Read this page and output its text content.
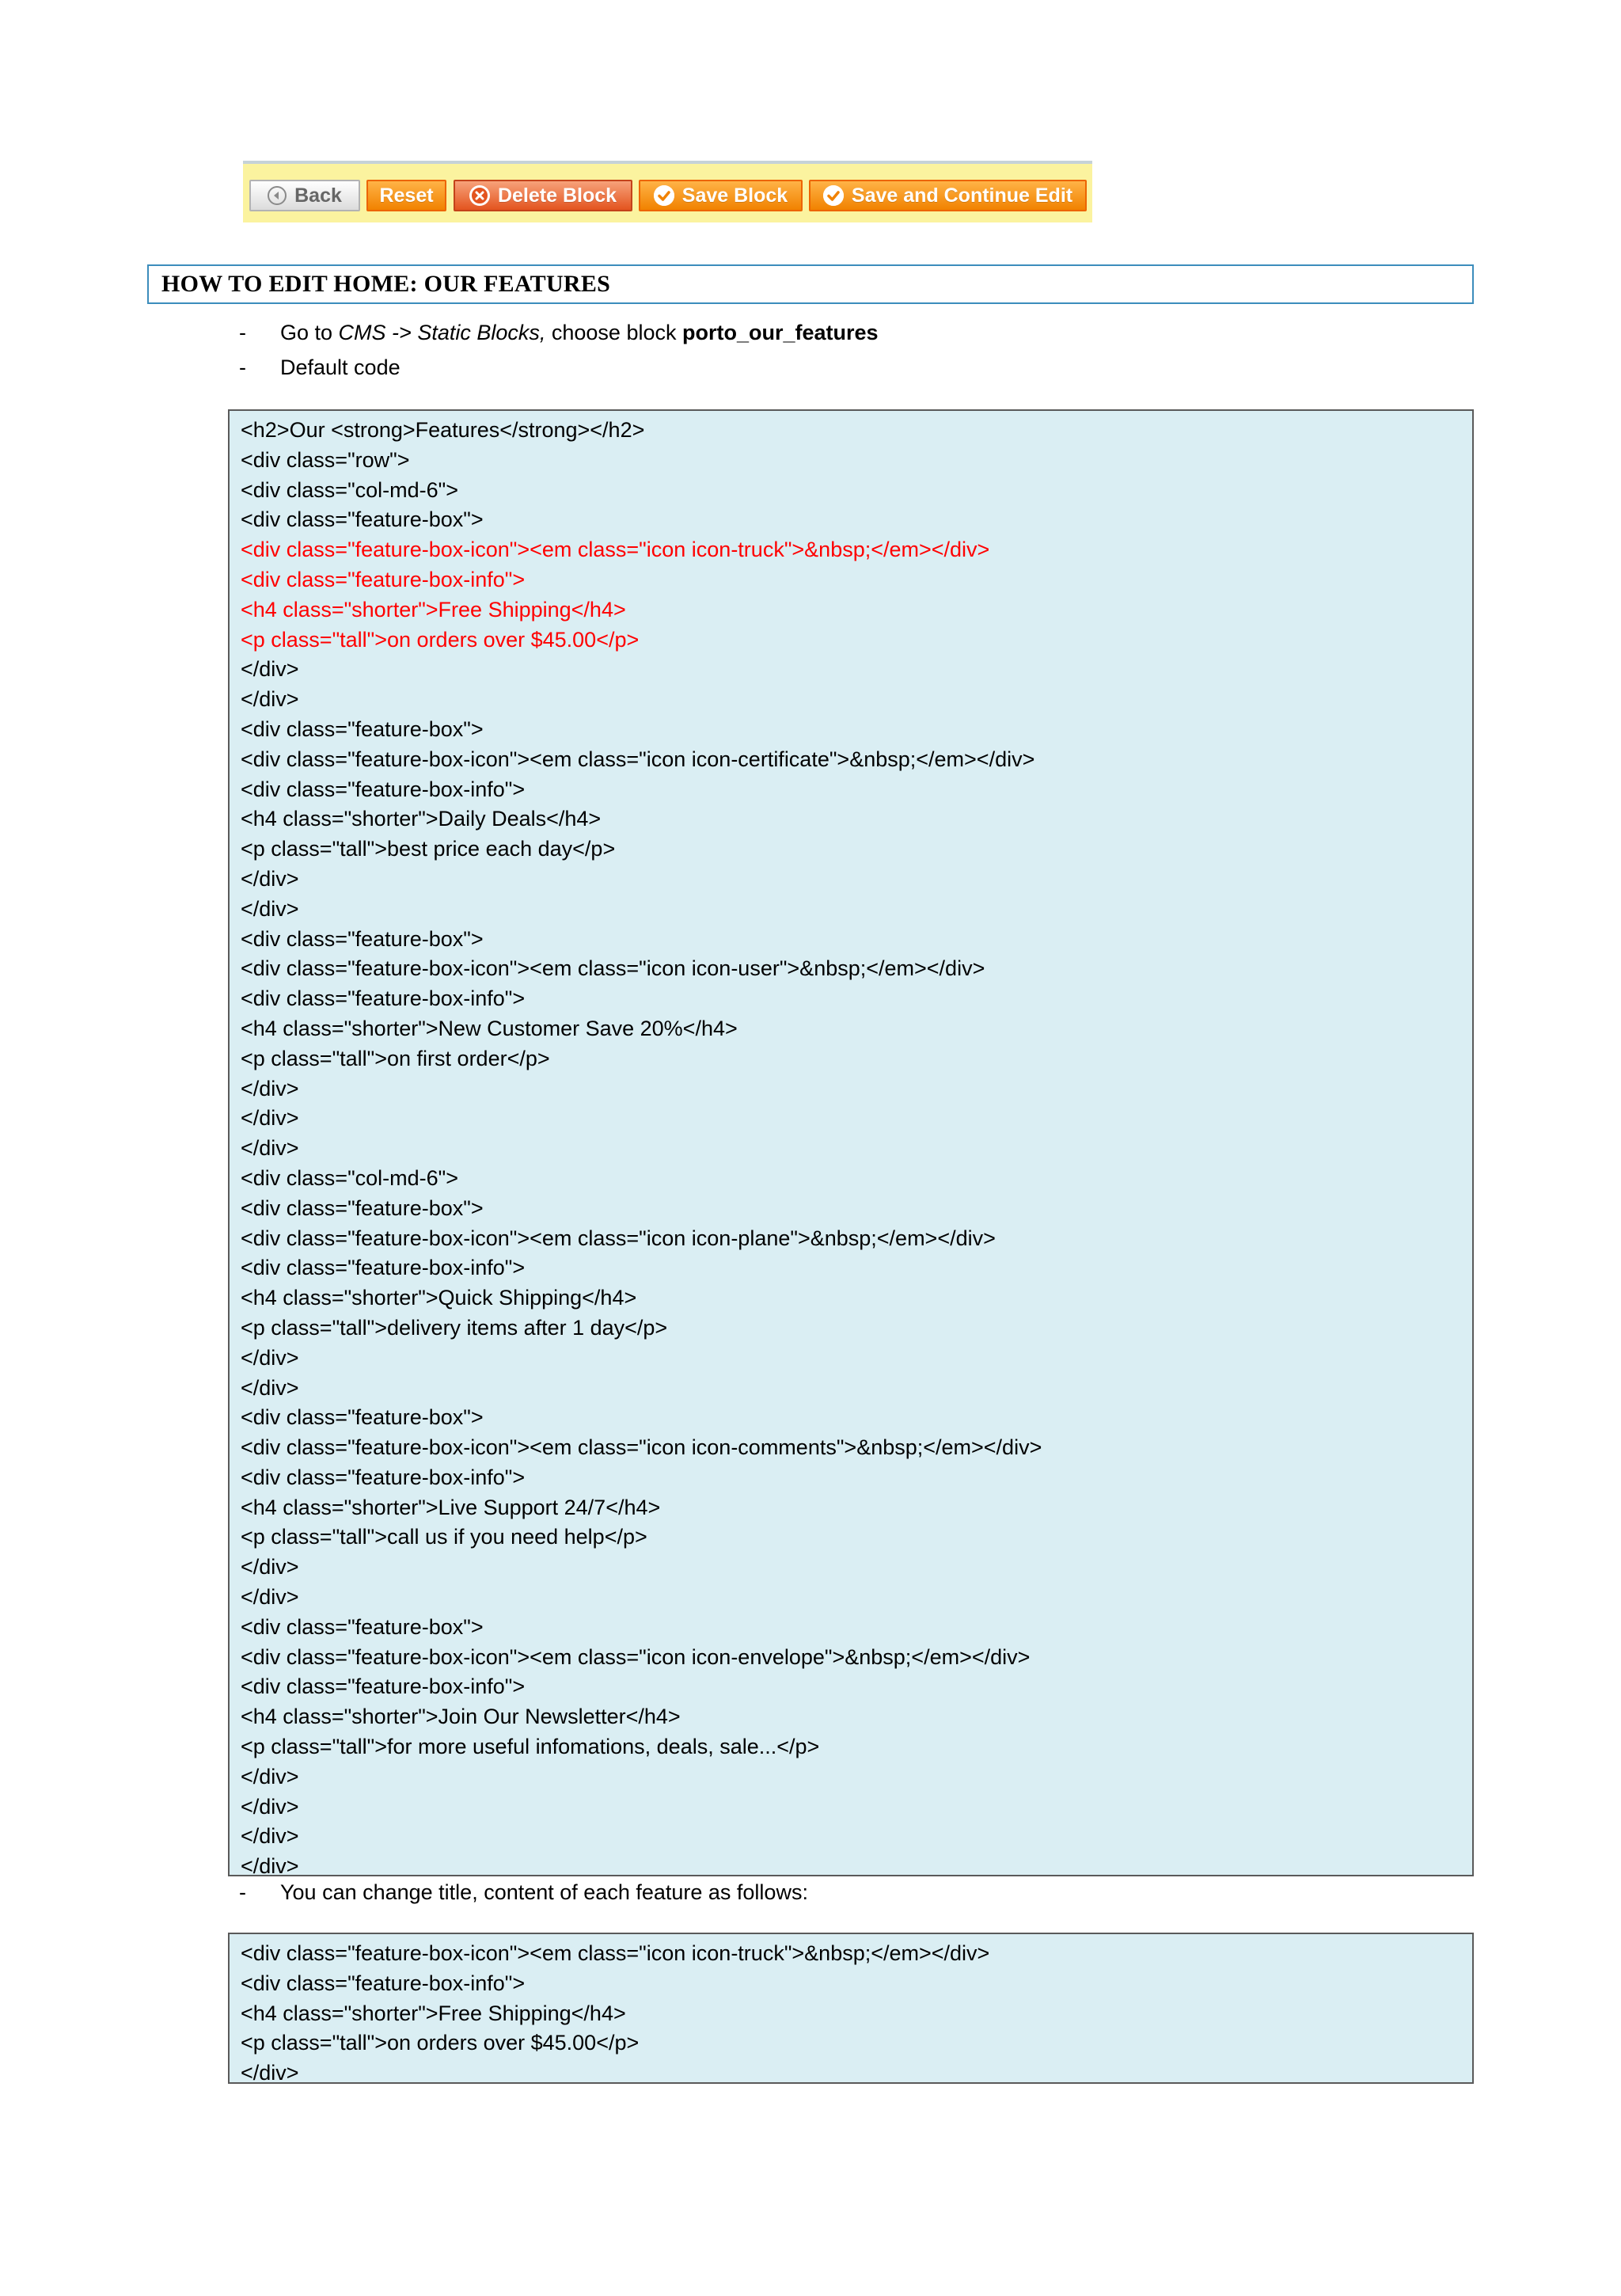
Back Reset	Delete Block	Save Block	Save and Continue Edit
HOW TO EDIT HOME: OUR FEATURES
- Go to CMS -> Static Blocks, choose block porto_our_features
- Default code
<h2>Our <strong>Features</strong></h2>
<div class="row">
<div class="col-md-6">
<div class="feature-box">
<div class="feature-box-icon"><em class="icon icon-truck">&nbsp;</em></div>
<div class="feature-box-info">
<h4 class="shorter">Free Shipping</h4>
<p class="tall">on orders over $45.00</p>
</div>
</div>
<div class="feature-box">
<div class="feature-box-icon"><em class="icon icon-certificate">&nbsp;</em></div>
<div class="feature-box-info">
<h4 class="shorter">Daily Deals</h4>
<p class="tall">best price each day</p>
</div>
</div>
<div class="feature-box">
<div class="feature-box-icon"><em class="icon icon-user">&nbsp;</em></div>
<div class="feature-box-info">
<h4 class="shorter">New Customer Save 20%</h4>
<p class="tall">on first order</p>
</div>
</div>
</div>
<div class="col-md-6">
<div class="feature-box">
<div class="feature-box-icon"><em class="icon icon-plane">&nbsp;</em></div>
<div class="feature-box-info">
<h4 class="shorter">Quick Shipping</h4>
<p class="tall">delivery items after 1 day</p>
</div>
</div>
<div class="feature-box">
<div class="feature-box-icon"><em class="icon icon-comments">&nbsp;</em></div>
<div class="feature-box-info">
<h4 class="shorter">Live Support 24/7</h4>
<p class="tall">call us if you need help</p>
</div>
</div>
<div class="feature-box">
<div class="feature-box-icon"><em class="icon icon-envelope">&nbsp;</em></div>
<div class="feature-box-info">
<h4 class="shorter">Join Our Newsletter</h4>
<p class="tall">for more useful infomations, deals, sale...</p>
</div>
</div>
</div>
</div>
- You can change title, content of each feature as follows:
<div class="feature-box-icon"><em class="icon icon-truck">&nbsp;</em></div>
<div class="feature-box-info">
<h4 class="shorter">Free Shipping</h4>
<p class="tall">on orders over $45.00</p>
</div>
